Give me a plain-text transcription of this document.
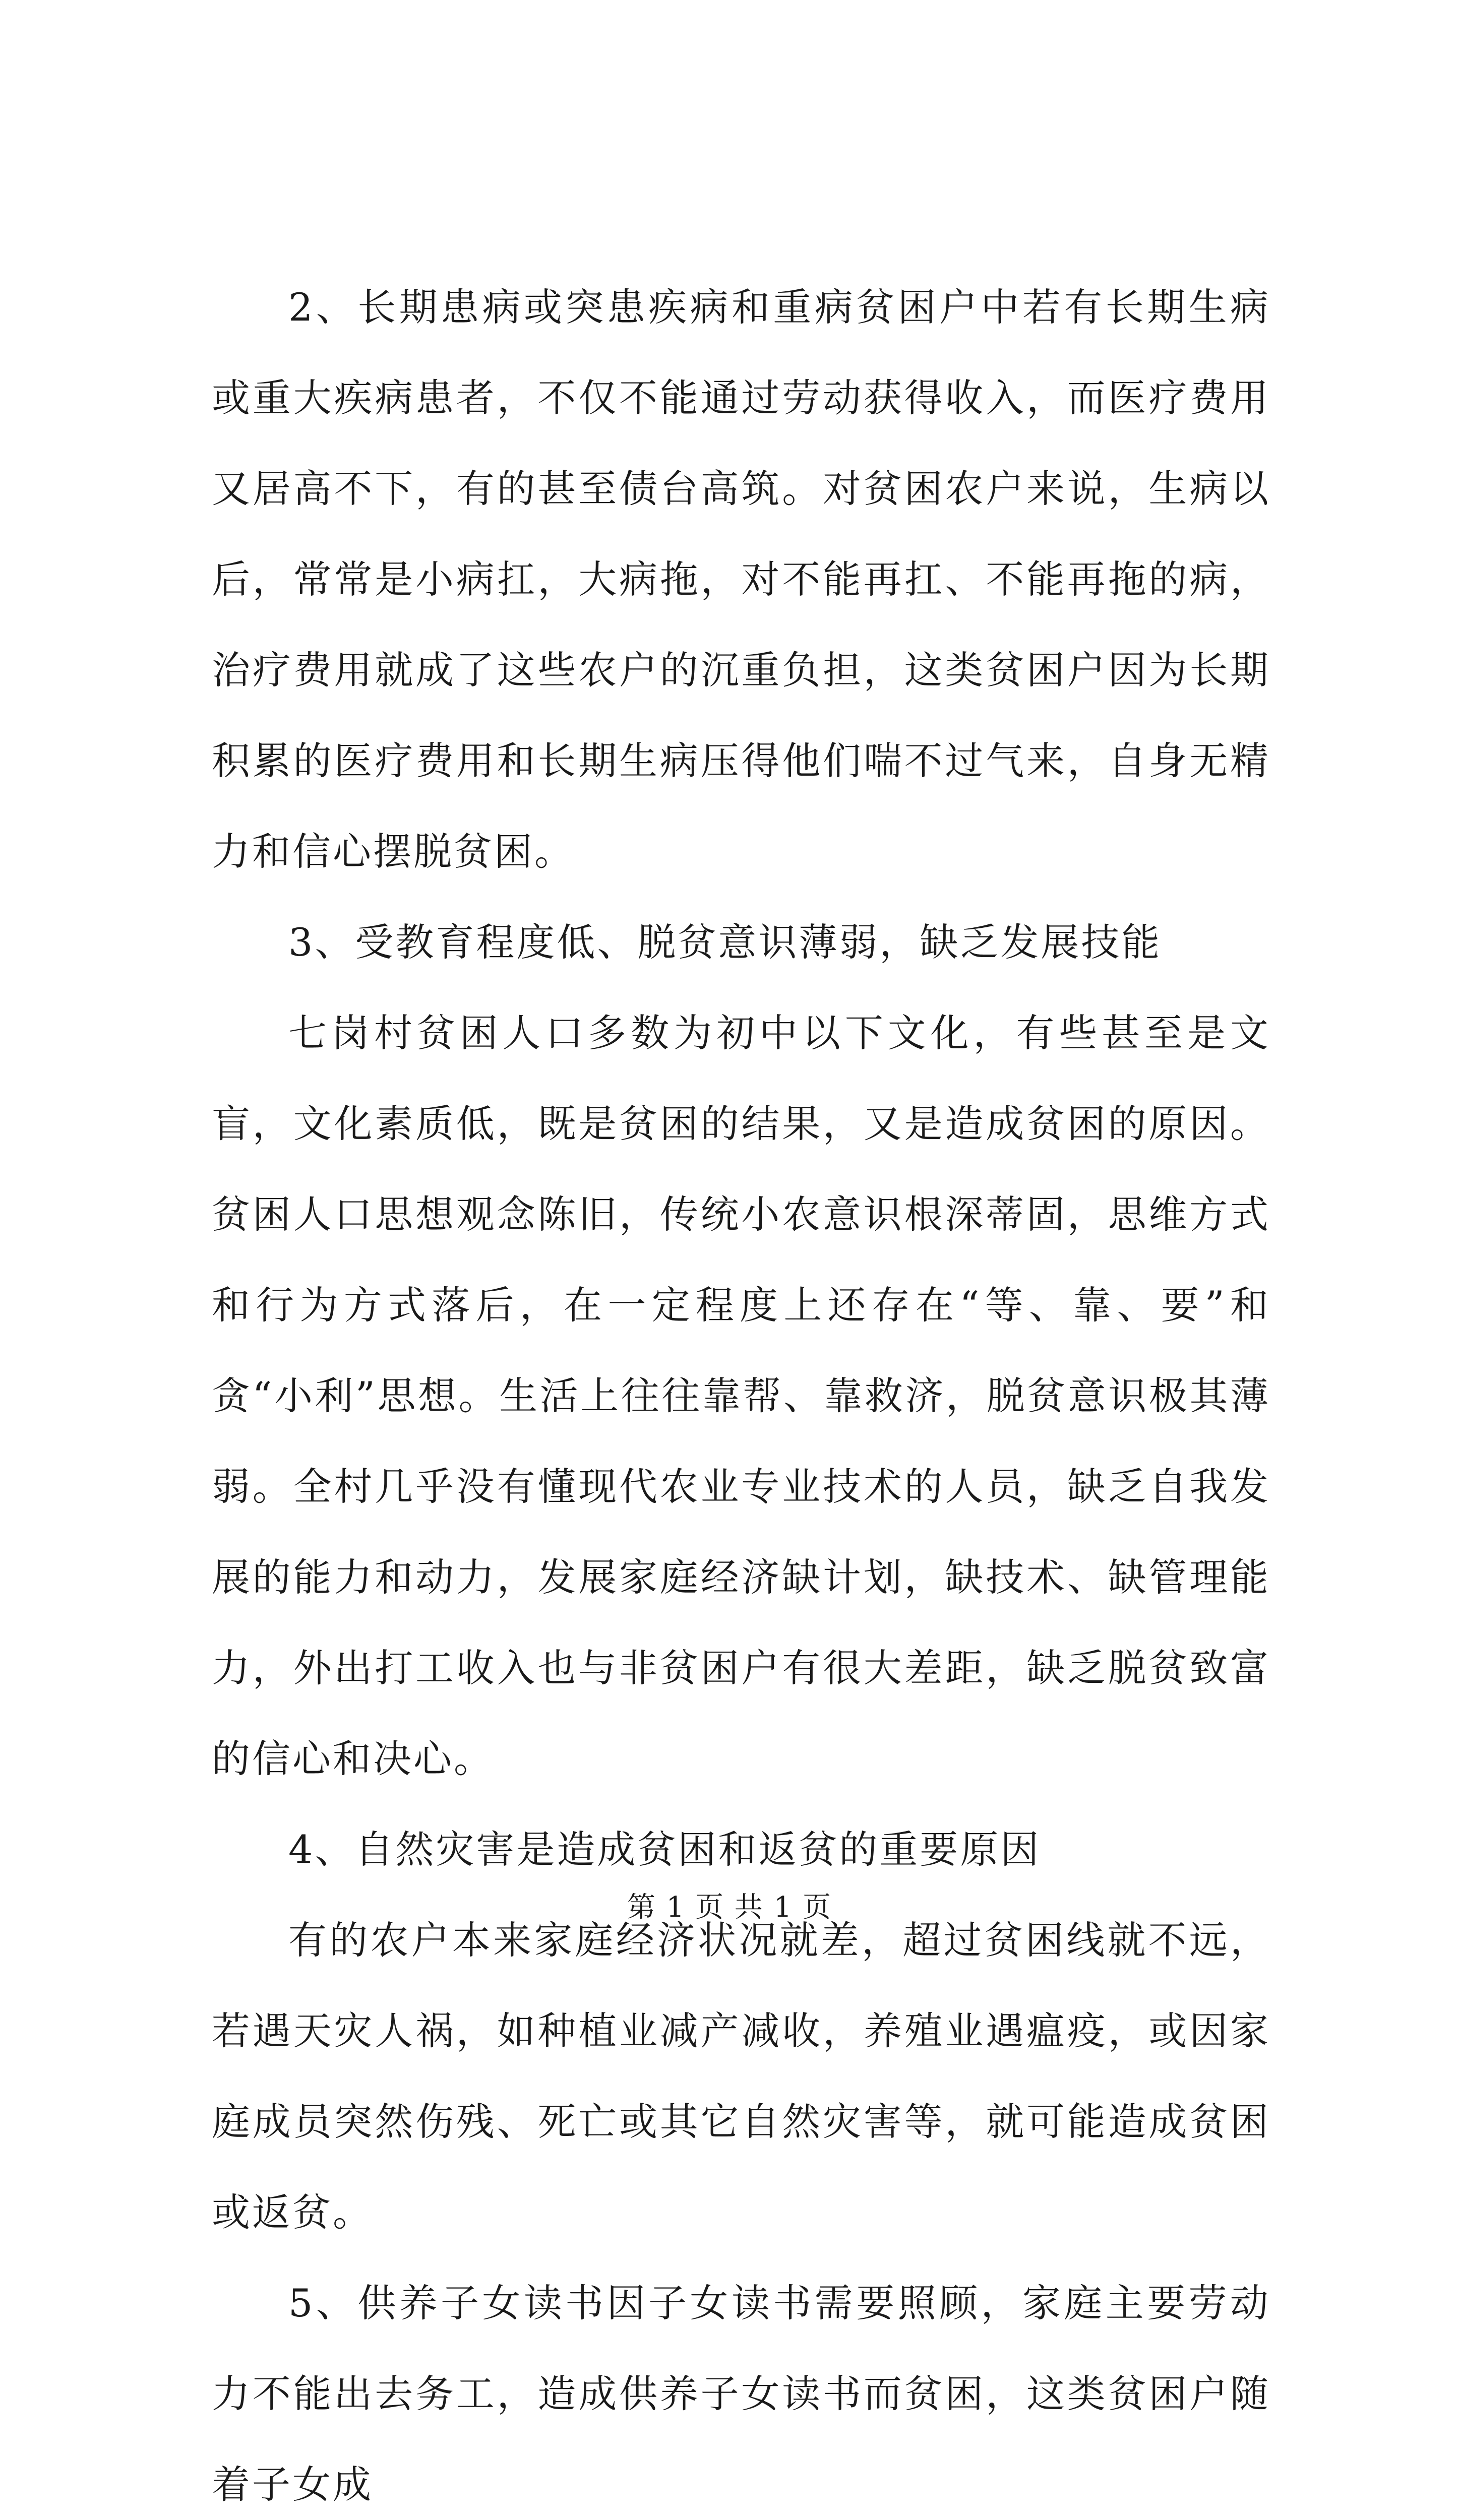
2、长期患病或突患疾病和重病贫困户中若有长期生病或重大疾病患者，不仅不能通过劳动获得收入，而医疗费用又居高不下，有的甚至债台高筑。对贫困农户来说，生病以后，常常是小病扛，大病拖，对不能再扛、不能再拖的病，治疗费用就成了这些农户的沉重负担，这类贫困户因为长期积累的医疗费用和长期生病压得他们喘不过气来，自身无精力和信心摆脱贫困。

3、受教育程度低、脱贫意识薄弱，缺乏发展技能

七岗村贫困人口多数为初中以下文化，有些甚至是文盲，文化素质低，既是贫困的结果，又是造成贫困的原因。贫困人口思想观念陈旧，传统小农意识根深蒂固，思维方式和行为方式落后，在一定程度上还存在“等、靠、要”和贪“小利”思想。生活上往往靠帮、靠救济，脱贫意识极其薄弱。全村几乎没有懂现代农业专业技术的人员，缺乏自我发展的能力和动力，发展家庭经济缺计划，缺技术、缺管理能力，外出打工收入也与非贫困户有很大差距，缺乏脱贫致富的信心和决心。

4、自然灾害是造成贫困和返贫的重要原因

有的农户本来家庭经济状况就差，超过贫困线就不远，若遇天灾人祸，如种植业减产减收，养殖业遇瘟疫，或因家庭成员突然伤残、死亡或其它自然灾害等，就可能造成贫困或返贫。

5、供养子女读书因子女读书需要照顾，家庭主要劳动力不能出去务工，造成供养子女读书而贫困，这类贫困户随着子女成

第 1 页 共 1 页
